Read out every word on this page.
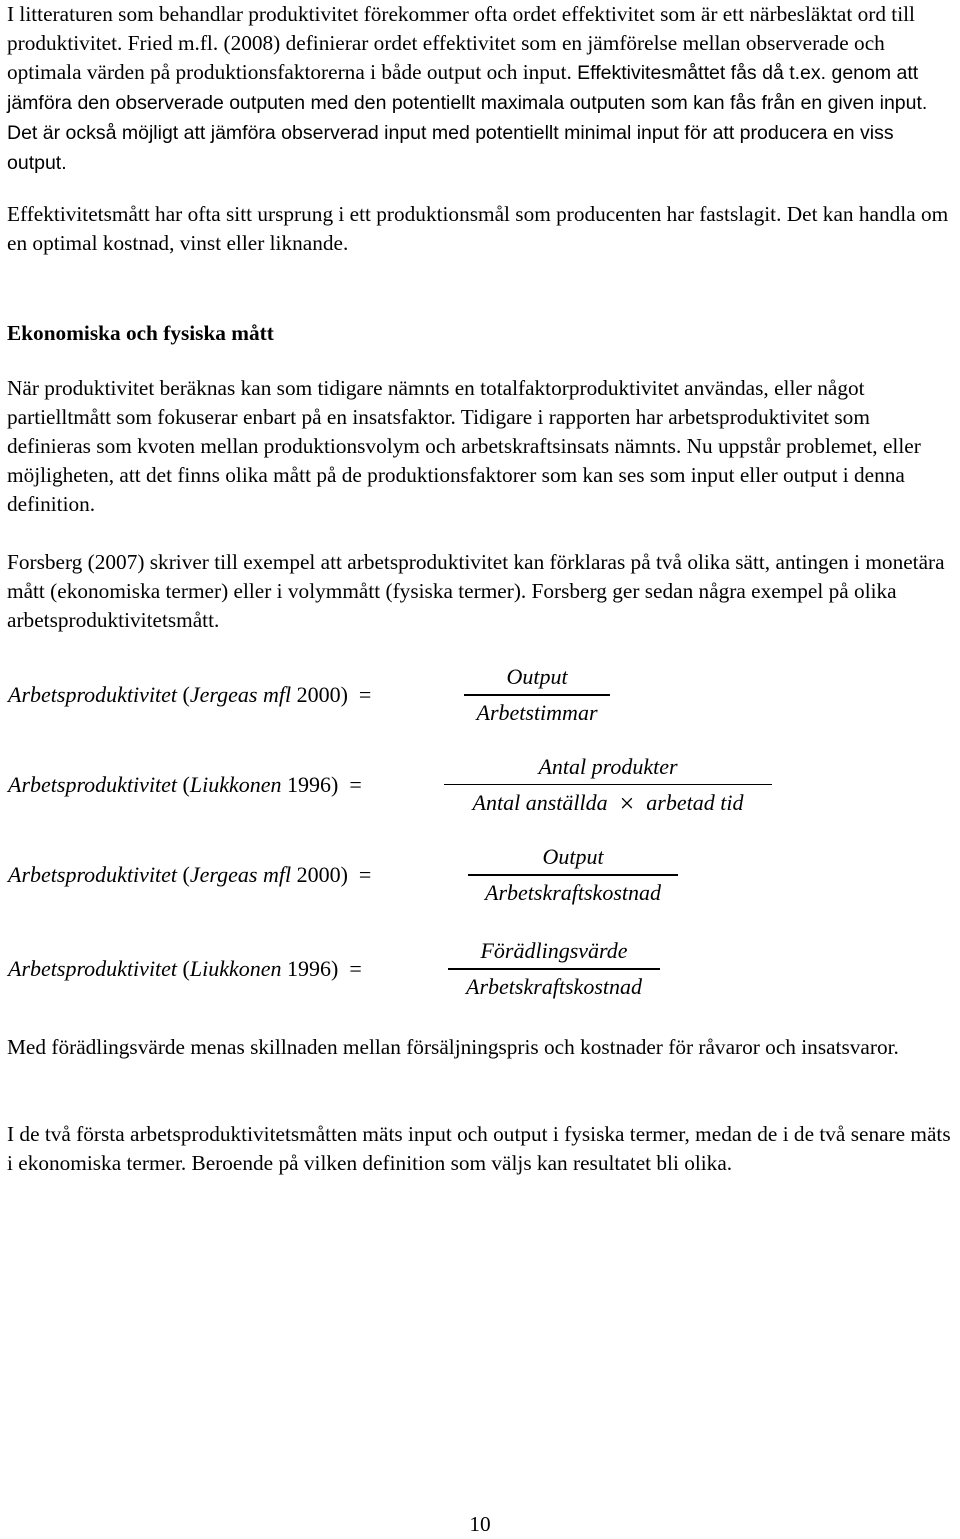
I litteraturen som behandlar produktivitet förekommer ofta ordet effektivitet som är ett närbesläktat ord till produktivitet. Fried m.fl. (2008) definierar ordet effektivitet som en jämförelse mellan observerade och optimala värden på produktionsfaktorerna i både output och input. Effektivitesmåttet fås då t.ex. genom att jämföra den observerade outputen med den potentiellt maximala outputen som kan fås från en given input. Det är också möjligt att jämföra observerad input med potentiellt minimal input för att producera en viss output.

Effektivitetsmått har ofta sitt ursprung i ett produktionsmål som producenten har fastslagit. Det kan handla om en optimal kostnad, vinst eller liknande.

Ekonomiska och fysiska mått

När produktivitet beräknas kan som tidigare nämnts en totalfaktorproduktivitet användas, eller något partielltmått som fokuserar enbart på en insatsfaktor. Tidigare i rapporten har arbetsproduktivitet som definieras som kvoten mellan produktionsvolym och arbetskraftsinsats nämnts. Nu uppstår problemet, eller möjligheten, att det finns olika mått på de produktionsfaktorer som kan ses som input eller output i denna definition.

Forsberg (2007) skriver till exempel att arbetsproduktivitet kan förklaras på två olika sätt, antingen i monetära mått (ekonomiska termer) eller i volymmått (fysiska termer). Forsberg ger sedan några exempel på olika arbetsproduktivitetsmått.

Arbetsproduktivitet (Jergeas mfl 2000)  =
Output
Arbetstimmar
Arbetsproduktivitet (Liukkonen 1996)  =
Antal produkter
Antal anställda × arbetad tid
Arbetsproduktivitet (Jergeas mfl 2000)  =
Output
Arbetskraftskostnad
Arbetsproduktivitet (Liukkonen 1996)  =
Förädlingsvärde
Arbetskraftskostnad

Med förädlingsvärde menas skillnaden mellan försäljningspris och kostnader för råvaror och insatsvaror.

I de två första arbetsproduktivitetsmåtten mäts input och output i fysiska termer, medan de i de två senare mäts i ekonomiska termer. Beroende på vilken definition som väljs kan resultatet bli olika.

10
